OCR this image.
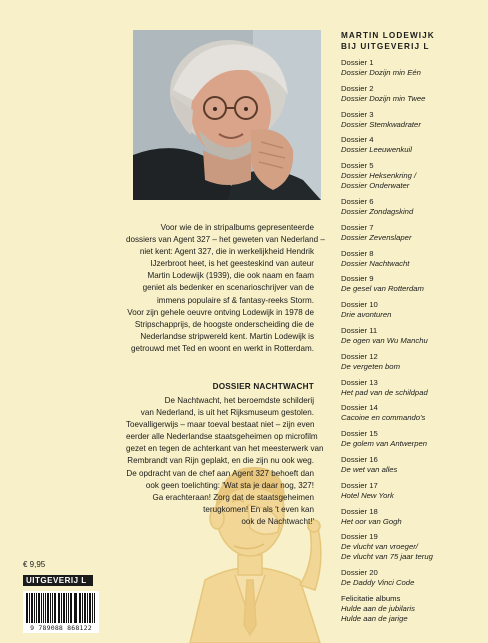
Voor wie de in stripalbums gepresenteerde
dossiers van Agent 327 – het geweten van Nederland –
niet kent: Agent 327, die in werkelijkheid Hendrik
IJzerbroot heet, is het geesteskind van auteur
Martin Lodewijk (1939), die ook naam en faam
geniet als bedenker en scenarioschrijver van de
immens populaire sf & fantasy-reeks Storm.
Voor zijn gehele oeuvre ontving Lodewijk in 1978 de
Stripschapprijs, de hoogste onderscheiding die de
Nederlandse stripwereld kent. Martin Lodewijk is
getrouwd met Ted en woont en werkt in Rotterdam.

DOSSIER NACHTWACHT

De Nachtwacht, het beroemdste schilderij
van Nederland, is uit het Rijksmuseum gestolen.
Toevalligerwijs – maar toeval bestaat niet – zijn even
eerder alle Nederlandse staatsgeheimen op microfilm
gezet en tegen de achterkant van het meesterwerk van
Rembrandt van Rijn geplakt, en die zijn nu ook weg.
De opdracht van de chef aan Agent 327 behoeft dan
ook geen toelichting: 'Wat sta je daar nog, 327!
Ga erachteraan! Zorg dat de staatsgeheimen
terugkomen! En als 't even kan
ook de Nachtwacht!'

MARTIN LODEWIJK
BIJ UITGEVERIJ L

Dossier 1
Dossier Dozijn min Eén
Dossier 2
Dossier Dozijn min Twee
Dossier 3
Dossier Stemkwadrater
Dossier 4
Dossier Leeuwenkuil
Dossier 5
Dossier Heksenkring /
Dossier Onderwater
Dossier 6
Dossier Zondagskind
Dossier 7
Dossier Zevenslaper
Dossier 8
Dossier Nachtwacht
Dossier 9
De gesel van Rotterdam
Dossier 10
Drie avonturen
Dossier 11
De ogen van Wu Manchu
Dossier 12
De vergeten bom
Dossier 13
Het pad van de schildpad
Dossier 14
Cacoine en commando's
Dossier 15
De golem van Antwerpen
Dossier 16
De wet van alles
Dossier 17
Hotel New York
Dossier 18
Het oor van Gogh
Dossier 19
De vlucht van vroeger/
De vlucht van 75 jaar terug
Dossier 20
De Daddy Vinci Code
Felicitatie albums
Hulde aan de jubilaris
Hulde aan de jarige

€ 9,95

UITGEVERIJ L
9 789088 868122
